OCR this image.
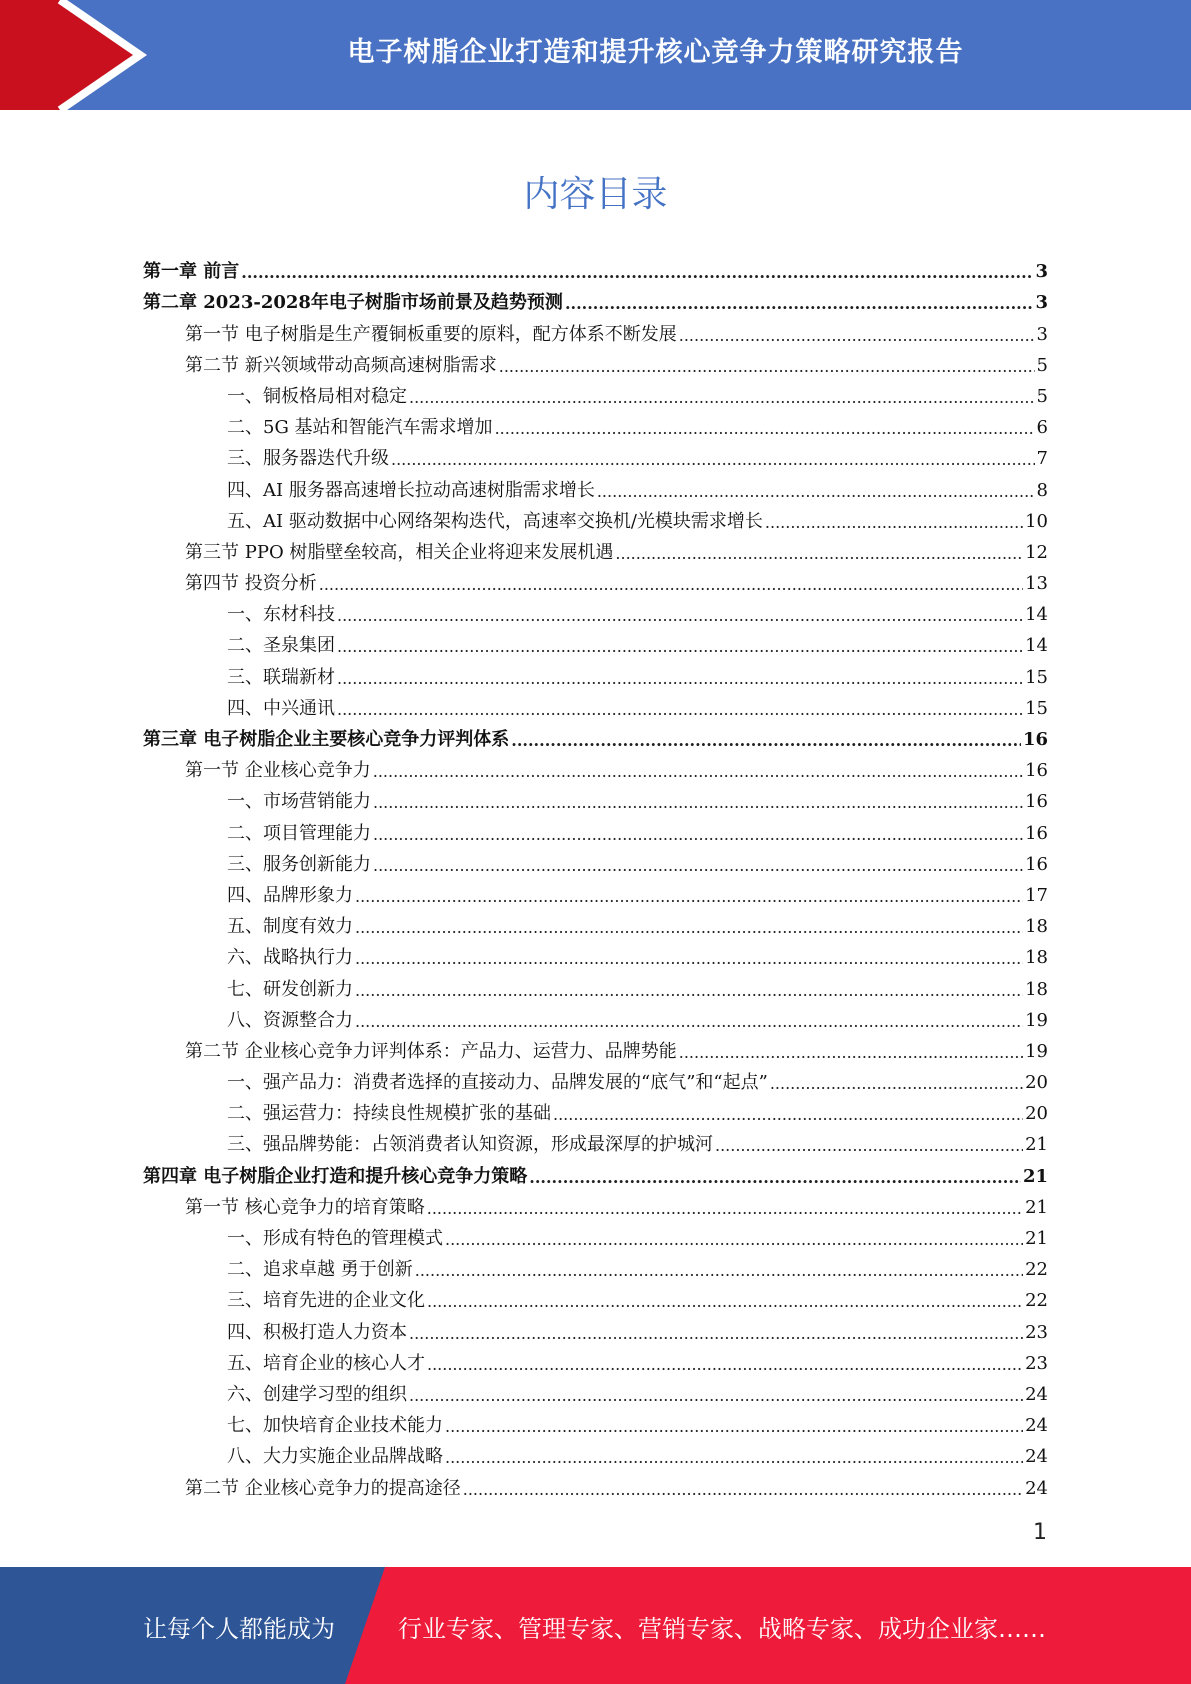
电子树脂企业打造和提升核心竞争力策略研究报告
内容目录
第一章 前言 .....	3
第二章 2023-2028年电子树脂市场前景及趋势预测 .....	3
第一节 电子树脂是生产覆铜板重要的原料，配方体系不断发展 .....	3
第二节 新兴领域带动高频高速树脂需求 .....	5
一、铜板格局相对稳定 .....	5
二、5G 基站和智能汽车需求增加 .....	6
三、服务器迭代升级 .....	7
四、AI 服务器高速增长拉动高速树脂需求增长 .....	8
五、AI 驱动数据中心网络架构迭代，高速率交换机/光模块需求增长 .....	10
第三节 PPO 树脂壁垒较高，相关企业将迎来发展机遇 .....	12
第四节 投资分析 .....	13
一、东材科技 .....	14
二、圣泉集团 .....	14
三、联瑞新材 .....	15
四、中兴通讯 .....	15
第三章 电子树脂企业主要核心竞争力评判体系 .....	16
第一节 企业核心竞争力 .....	16
一、市场营销能力 .....	16
二、项目管理能力 .....	16
三、服务创新能力 .....	16
四、品牌形象力 .....	17
五、制度有效力 .....	18
六、战略执行力 .....	18
七、研发创新力 .....	18
八、资源整合力 .....	19
第二节 企业核心竞争力评判体系：产品力、运营力、品牌势能 .....	19
一、强产品力：消费者选择的直接动力、品牌发展的“底气”和“起点” .....	20
二、强运营力：持续良性规模扩张的基础 .....	20
三、强品牌势能：占领消费者认知资源，形成最深厚的护城河 .....	21
第四章 电子树脂企业打造和提升核心竞争力策略 .....	21
第一节 核心竞争力的培育策略 .....	21
一、形成有特色的管理模式 .....	21
二、追求卓越 勇于创新 .....	22
三、培育先进的企业文化 .....	22
四、积极打造人力资本 .....	23
五、培育企业的核心人才 .....	23
六、创建学习型的组织 .....	24
七、加快培育企业技术能力 .....	24
八、大力实施企业品牌战略 .....	24
第二节 企业核心竞争力的提高途径 .....	24
1
让每个人都能成为	行业专家、管理专家、营销专家、战略专家、成功企业家……
